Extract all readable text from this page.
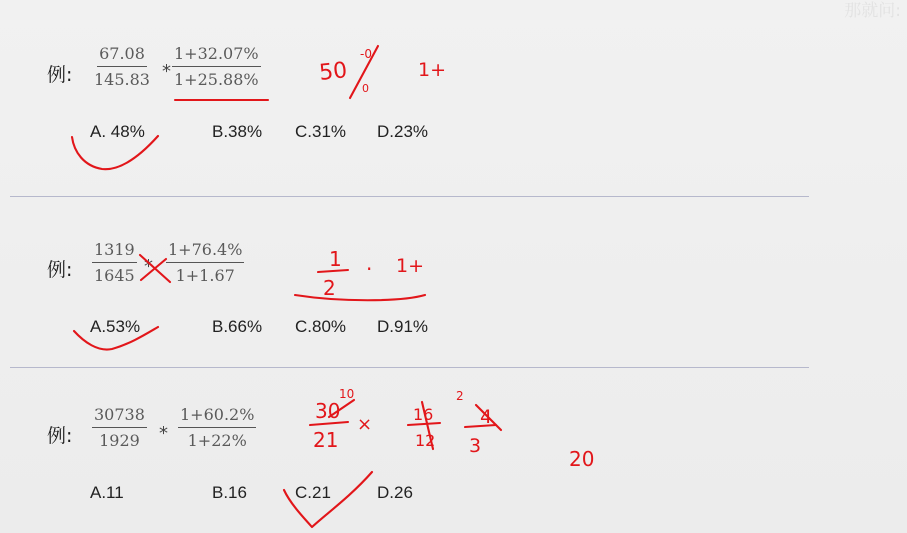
那就问:
例: $\frac{67.08}{145.83} * \frac{1+32.07\%}{1+25.88\%}$
A. 48%	B.38% C.31% D.23%
例: $\frac{1319}{1645} * \frac{1+76.4\%}{1+1.67}$
A.53%	B.66% C.80% D.91%
例: $\frac{30738}{1929} * \frac{1+60.2\%}{1+22\%}$
A.11	B.16	C.21	D.26
50
-0
0
1+
1
2
· 1+
30
10
21
×	16
12
2
4
3
20
